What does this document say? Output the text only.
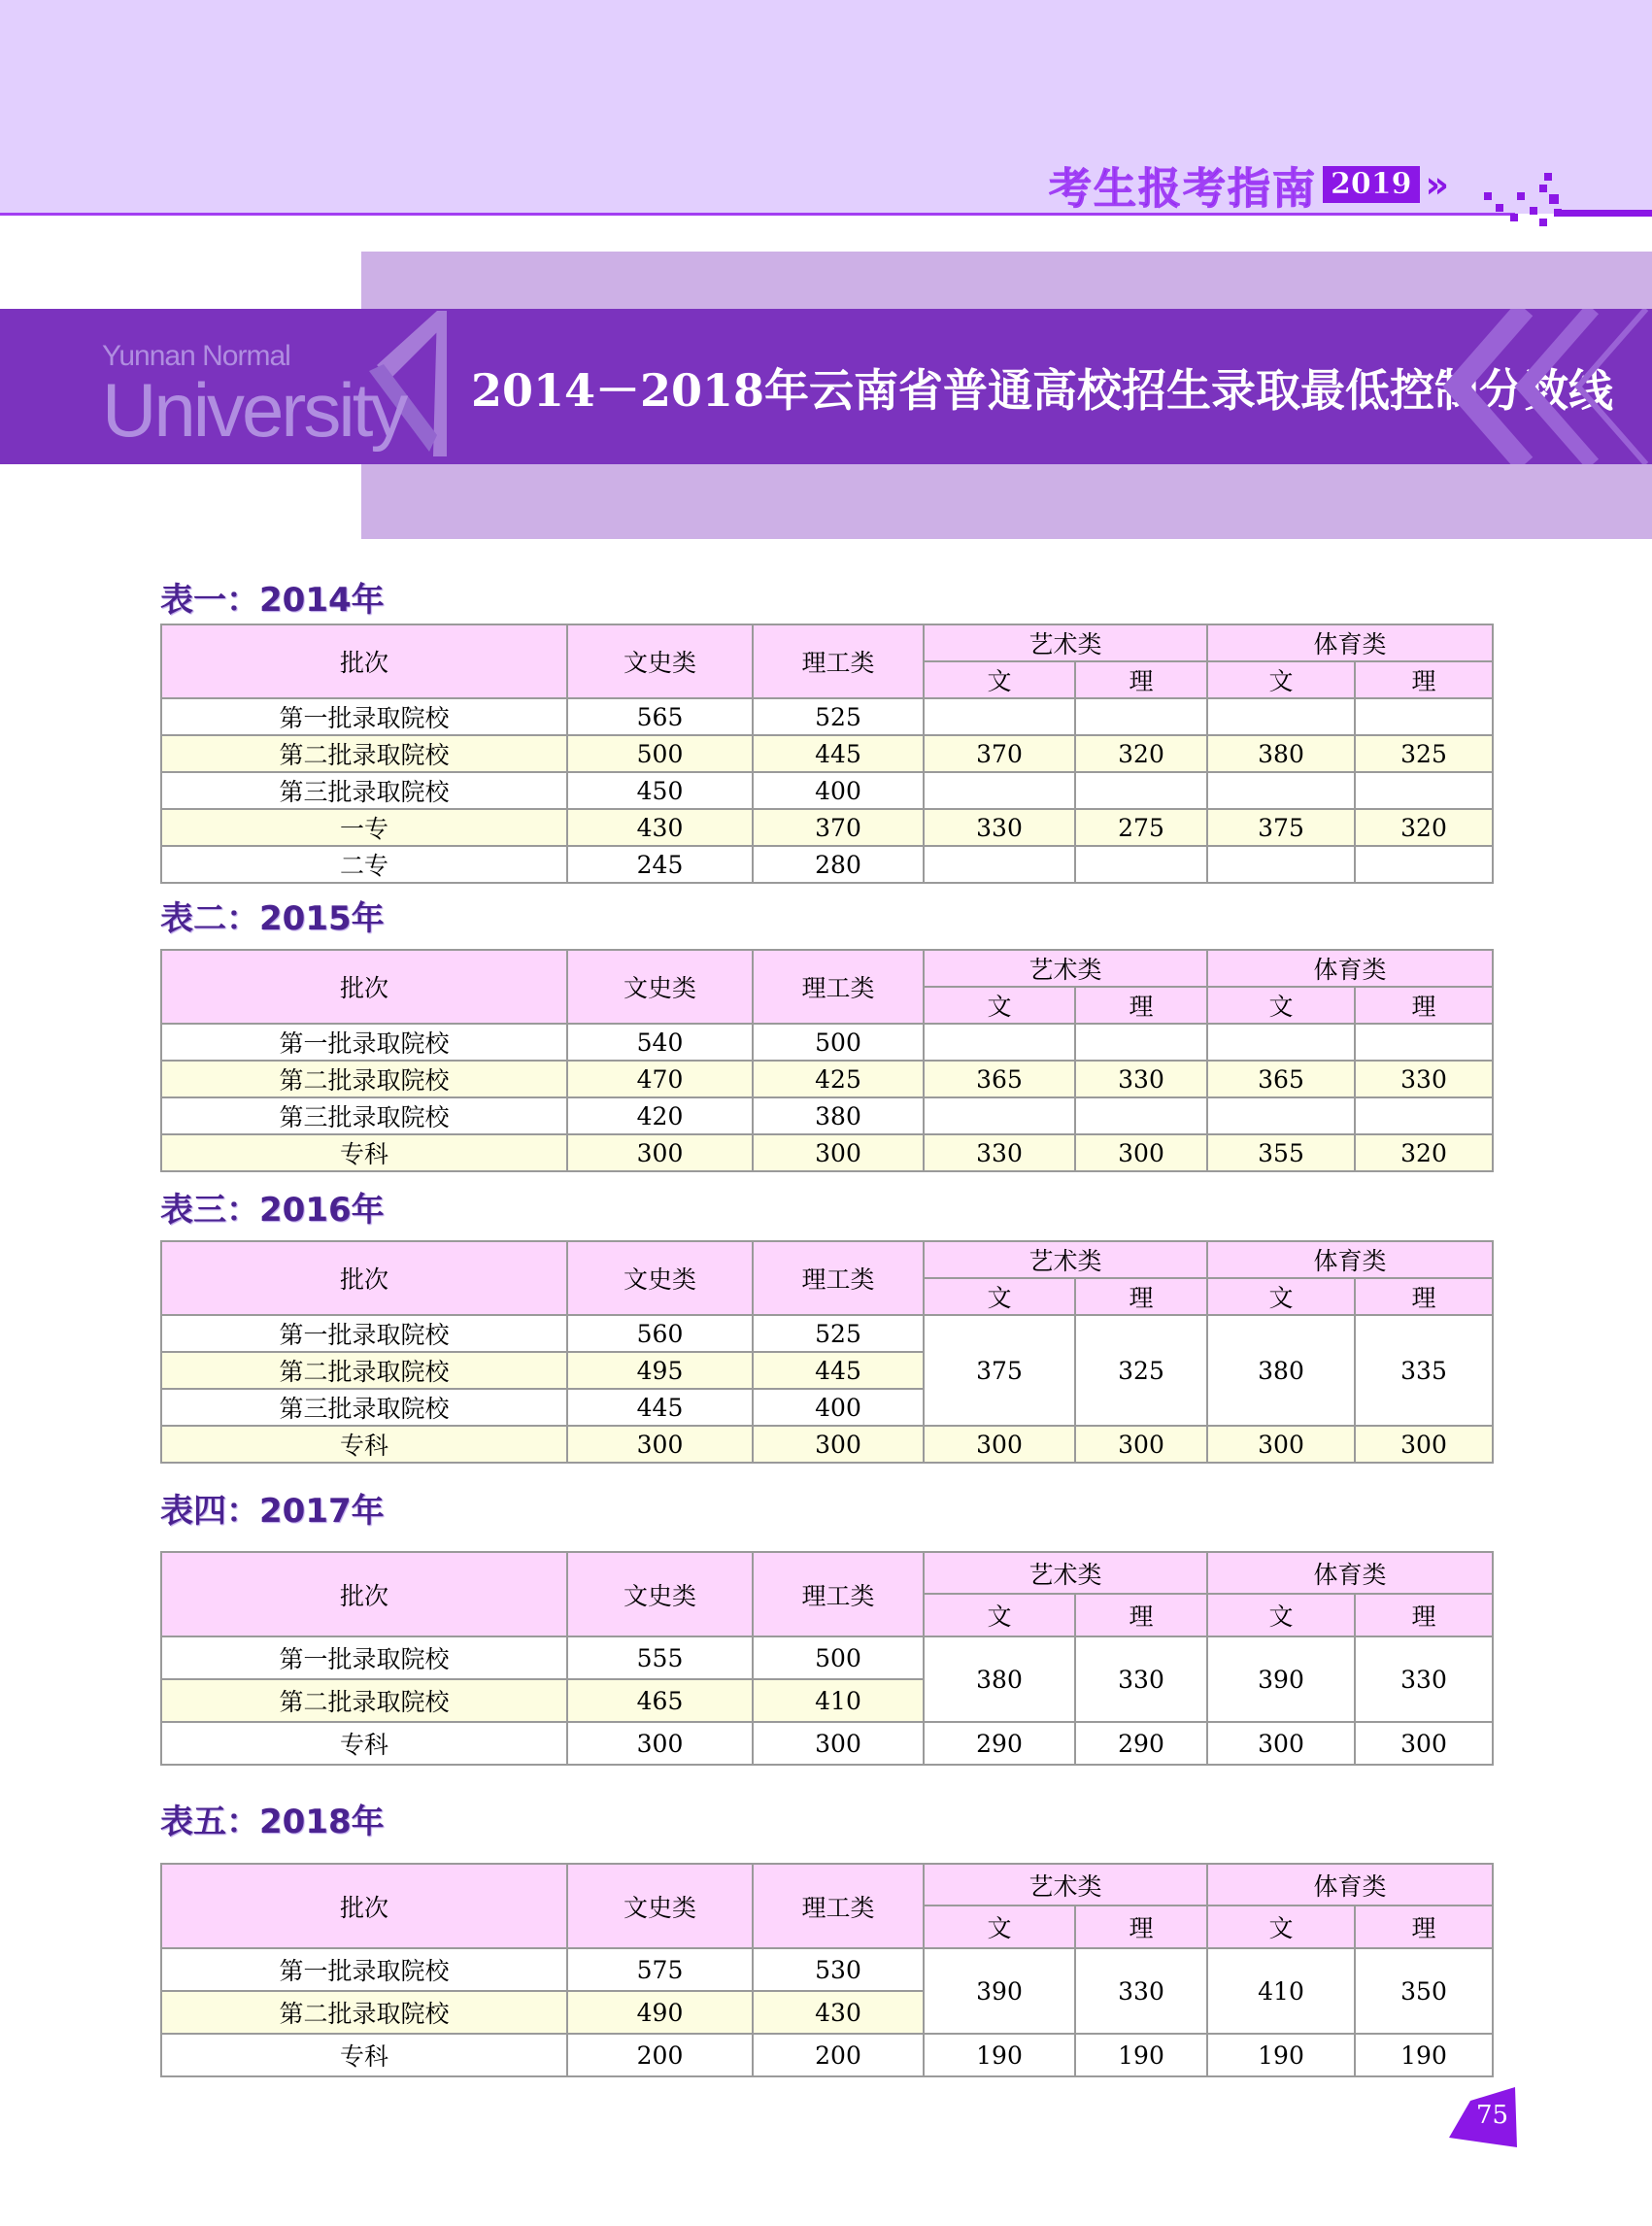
考生报考指南 2019 »
Yunnan Normal
University 2014－2018年云南省普通高校招生录取最低控制分数线
表一：2014年
批次	文史类	理工类	艺术类		体育类	
			文	理	文	理
第一批录取院校	565	525				
第二批录取院校	500	445	370	320	380	325
第三批录取院校	450	400				
一专	430	370	330	275	375	320
二专	245	280				
表二：2015年
批次	文史类	理工类	艺术类		体育类	
			文	理	文	理
第一批录取院校	540	500				
第二批录取院校	470	425	365	330	365	330
第三批录取院校	420	380				
专科	300	300	330	300	355	320
表三：2016年
批次	文史类	理工类	艺术类		体育类	
			文	理	文	理
第一批录取院校	560	525	375	325	380	335
第二批录取院校	495	445				
第三批录取院校	445	400				
专科	300	300	300	300	300	300
表四：2017年
批次	文史类	理工类	艺术类		体育类	
			文	理	文	理
第一批录取院校	555	500	380	330	390	330
第二批录取院校	465	410				
专科	300	300	290	290	300	300
表五：2018年
批次	文史类	理工类	艺术类		体育类	
			文	理	文	理
第一批录取院校	575	530	390	330	410	350
第二批录取院校	490	430				
专科	200	200	190	190	190	190
75
